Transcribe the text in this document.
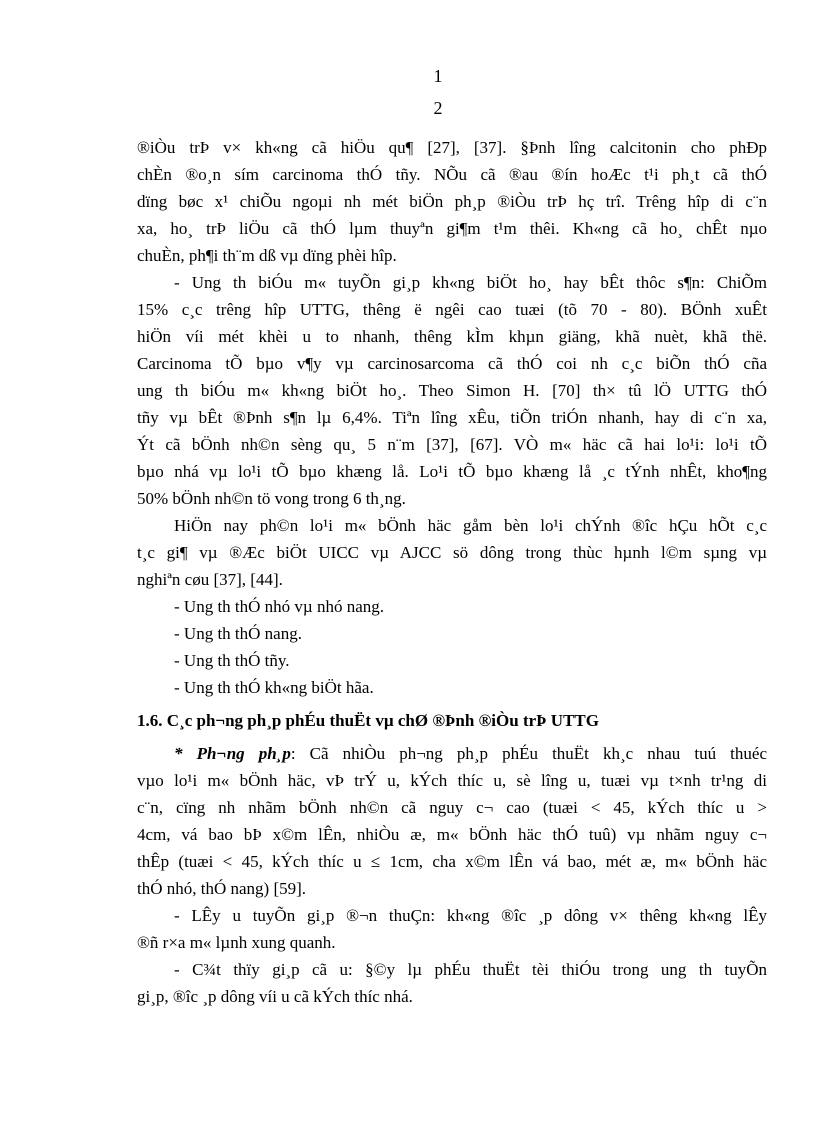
1
2
®iÒu trÞ v× kh«ng cã hiÖu qu¶ [27], [37]. §Þnh lîng calcitonin cho phÐp
chÈn ®o¸n sím carcinoma thÓ tñy. NÕu cã ®au ®ín hoÆc t¹i ph¸t cã thÓ
dïng bøc x¹ chiÕu ngoµi nh mét biÖn ph¸p ®iÒu trÞ hç trî. Trêng hîp di c¨n
xa, ho¸ trÞ liÖu cã thÓ lµm thuyªn gi¶m t¹m thêi. Kh«ng cã ho¸ chÊt nµo
chuÈn, ph¶i th¨m dß vµ dïng phèi hîp.
- Ung th biÓu m« tuyÕn gi¸p kh«ng biÖt ho¸ hay bÊt thôc s¶n: ChiÕm
15% c¸c trêng hîp UTTG, thêng ë ngêi cao tuæi (tõ 70 - 80). BÖnh xuÊt
hiÖn víi mét khèi u to nhanh, thêng kÌm khµn giäng, khã nuèt, khã thë.
Carcinoma tÕ bµo v¶y vµ carcinosarcoma cã thÓ coi nh c¸c biÕn thÓ cña
ung th biÓu m« kh«ng biÖt ho¸. Theo Simon H. [70] th× tû lÖ UTTG thÓ
tñy vµ bÊt ®Þnh s¶n lµ 6,4%. Tiªn lîng xÊu, tiÕn triÓn nhanh, hay di c¨n xa,
Ýt cã bÖnh nh©n sèng qu¸ 5 n¨m [37], [67]. VÒ m« häc cã hai lo¹i: lo¹i tÕ
bµo nhá vµ lo¹i tÕ bµo khæng lå. Lo¹i tÕ bµo khæng lå ¸c tÝnh nhÊt, kho¶ng
50% bÖnh nh©n tö vong trong 6 th¸ng.
HiÖn nay ph©n lo¹i m« bÖnh häc gåm bèn lo¹i chÝnh ®îc hÇu hÕt c¸c
t¸c gi¶ vµ ®Æc biÖt UICC vµ AJCC sö dông trong thùc hµnh l©m sµng vµ
nghiªn cøu [37], [44].
- Ung th thÓ nhó vµ nhó nang.
- Ung th thÓ nang.
- Ung th thÓ tñy.
- Ung th thÓ kh«ng biÖt hãa.
1.6. C¸c ph¬ng ph¸p phÉu thuËt vµ chØ ®Þnh ®iÒu trÞ UTTG
* Ph¬ng ph¸p: Cã nhiÒu ph¬ng ph¸p phÉu thuËt kh¸c nhau tuú thuéc
vµo lo¹i m« bÖnh häc, vÞ trÝ u, kÝch thíc u, sè lîng u, tuæi vµ t×nh tr¹ng di
c¨n, cïng nh nhãm bÖnh nh©n cã nguy c¬ cao (tuæi < 45, kÝch thíc u >
4cm, vá bao bÞ x©m lÊn, nhiÒu æ, m« bÖnh häc thÓ tuû) vµ nhãm nguy c¬
thÊp (tuæi < 45, kÝch thíc u ≤ 1cm, cha x©m lÊn vá bao, mét æ, m« bÖnh häc
thÓ nhó, thÓ nang) [59].
- LÊy u tuyÕn gi¸p ®¬n thuÇn: kh«ng ®îc ¸p dông v× thêng kh«ng lÊy
®ñ r×a m« lµnh xung quanh.
- C¾t thïy gi¸p cã u: §©y lµ phÉu thuËt tèi thiÓu trong ung th tuyÕn
gi¸p, ®îc ¸p dông víi u cã kÝch thíc nhá.
